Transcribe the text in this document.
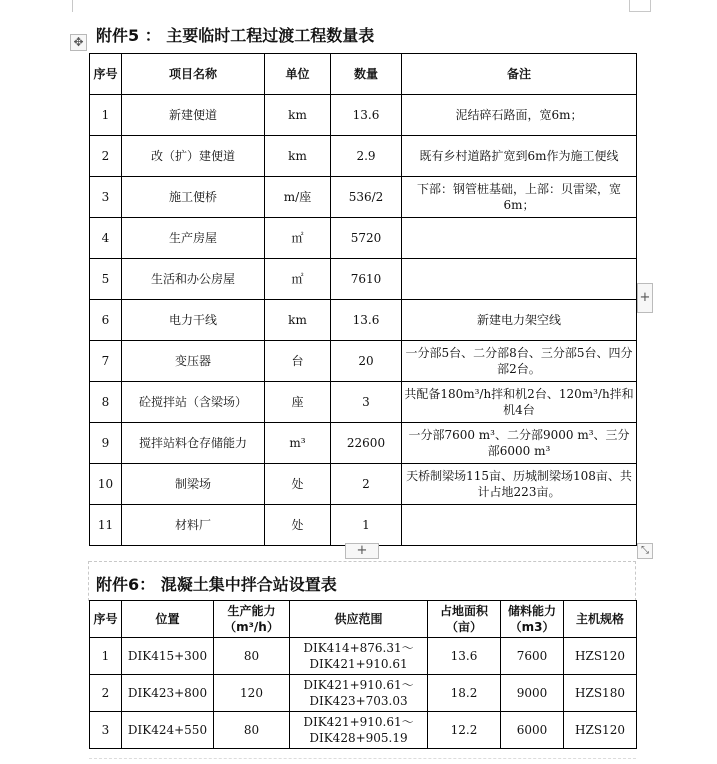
✥ 附件5 ： 主要临时工程过渡工程数量表
序号	项目名称	单位	数量	备注
1	新建便道	km	13.6	泥结碎石路面，宽6m；
2	改（扩）建便道	km	2.9	既有乡村道路扩宽到6m作为施工便线
3	施工便桥	m/座	536/2	下部：钢管桩基础，上部：贝雷梁，宽6m；
4	生产房屋	㎡	5720	
5	生活和办公房屋	㎡	7610	
6	电力干线	km	13.6	新建电力架空线
7	变压器	台	20	一分部5台、二分部8台、三分部5台、四分部2台。
8	砼搅拌站（含梁场）	座	3	共配备180m³/h拌和机2台、120m³/h拌和机4台
9	搅拌站料仓存储能力	m³	22600	一分部7600 m³、二分部9000 m³、三分部6000 m³
10	制梁场	处	2	天桥制梁场115亩、历城制梁场108亩、共计占地223亩。
11	材料厂	处	1	
+
+	⤡
附件6： 混凝土集中拌合站设置表
序号	位置	生产能力（m³/h）	供应范围	占地面积（亩）	储料能力（m3）	主机规格
1	DIK415+300	80	DIK414+876.31～DIK421+910.61	13.6	7600	HZS120
2	DIK423+800	120	DIK421+910.61～DIK423+703.03	18.2	9000	HZS180
3	DIK424+550	80	DIK421+910.61～DIK428+905.19	12.2	6000	HZS120
